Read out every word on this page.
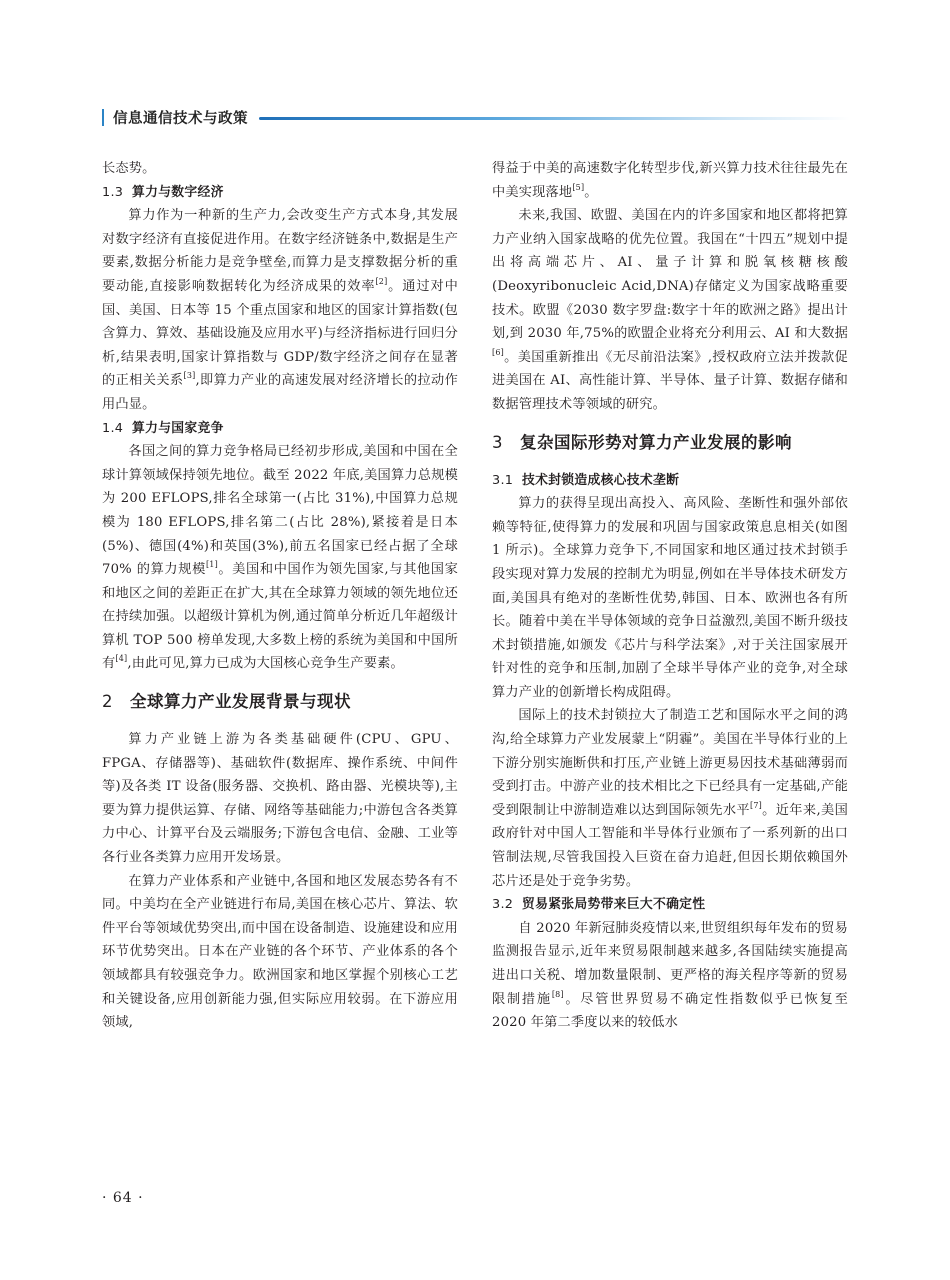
信息通信技术与政策

长态势。

1.3 算力与数字经济

算力作为一种新的生产力,会改变生产方式本身,其发展对数字经济有直接促进作用。在数字经济链条中,数据是生产要素,数据分析能力是竞争壁垒,而算力是支撑数据分析的重要动能,直接影响数据转化为经济成果的效率[2]。通过对中国、美国、日本等 15 个重点国家和地区的国家计算指数(包含算力、算效、基础设施及应用水平)与经济指标进行回归分析,结果表明,国家计算指数与 GDP/数字经济之间存在显著的正相关关系[3],即算力产业的高速发展对经济增长的拉动作用凸显。

1.4 算力与国家竞争

各国之间的算力竞争格局已经初步形成,美国和中国在全球计算领域保持领先地位。截至 2022 年底,美国算力总规模为 200 EFLOPS,排名全球第一(占比 31%),中国算力总规模为 180 EFLOPS,排名第二(占比 28%),紧接着是日本(5%)、德国(4%)和英国(3%),前五名国家已经占据了全球 70% 的算力规模[1]。美国和中国作为领先国家,与其他国家和地区之间的差距正在扩大,其在全球算力领域的领先地位还在持续加强。以超级计算机为例,通过简单分析近几年超级计算机 TOP 500 榜单发现,大多数上榜的系统为美国和中国所有[4],由此可见,算力已成为大国核心竞争生产要素。

2 全球算力产业发展背景与现状

算力产业链上游为各类基础硬件(CPU、GPU、FPGA、存储器等)、基础软件(数据库、操作系统、中间件等)及各类 IT 设备(服务器、交换机、路由器、光模块等),主要为算力提供运算、存储、网络等基础能力;中游包含各类算力中心、计算平台及云端服务;下游包含电信、金融、工业等各行业各类算力应用开发场景。

在算力产业体系和产业链中,各国和地区发展态势各有不同。中美均在全产业链进行布局,美国在核心芯片、算法、软件平台等领域优势突出,而中国在设备制造、设施建设和应用环节优势突出。日本在产业链的各个环节、产业体系的各个领域都具有较强竞争力。欧洲国家和地区掌握个别核心工艺和关键设备,应用创新能力强,但实际应用较弱。在下游应用领域,

得益于中美的高速数字化转型步伐,新兴算力技术往往最先在中美实现落地[5]。

未来,我国、欧盟、美国在内的许多国家和地区都将把算力产业纳入国家战略的优先位置。我国在“十四五”规划中提出将高端芯片、AI、量子计算和脱氧核糖核酸(Deoxyribonucleic Acid,DNA)存储定义为国家战略重要技术。欧盟《2030 数字罗盘:数字十年的欧洲之路》提出计划,到 2030 年,75%的欧盟企业将充分利用云、AI 和大数据[6]。美国重新推出《无尽前沿法案》,授权政府立法并拨款促进美国在 AI、高性能计算、半导体、量子计算、数据存储和数据管理技术等领域的研究。

3 复杂国际形势对算力产业发展的影响
3.1 技术封锁造成核心技术垄断

算力的获得呈现出高投入、高风险、垄断性和强外部依赖等特征,使得算力的发展和巩固与国家政策息息相关(如图 1 所示)。全球算力竞争下,不同国家和地区通过技术封锁手段实现对算力发展的控制尤为明显,例如在半导体技术研发方面,美国具有绝对的垄断性优势,韩国、日本、欧洲也各有所长。随着中美在半导体领域的竞争日益激烈,美国不断升级技术封锁措施,如颁发《芯片与科学法案》,对于关注国家展开针对性的竞争和压制,加剧了全球半导体产业的竞争,对全球算力产业的创新增长构成阻碍。

国际上的技术封锁拉大了制造工艺和国际水平之间的鸿沟,给全球算力产业发展蒙上“阴霾”。美国在半导体行业的上下游分别实施断供和打压,产业链上游更易因技术基础薄弱而受到打击。中游产业的技术相比之下已经具有一定基础,产能受到限制让中游制造难以达到国际领先水平[7]。近年来,美国政府针对中国人工智能和半导体行业颁布了一系列新的出口管制法规,尽管我国投入巨资在奋力追赶,但因长期依赖国外芯片还是处于竞争劣势。

3.2 贸易紧张局势带来巨大不确定性

自 2020 年新冠肺炎疫情以来,世贸组织每年发布的贸易监测报告显示,近年来贸易限制越来越多,各国陆续实施提高进出口关税、增加数量限制、更严格的海关程序等新的贸易限制措施[8]。尽管世界贸易不确定性指数似乎已恢复至 2020 年第二季度以来的较低水

· 64 ·
